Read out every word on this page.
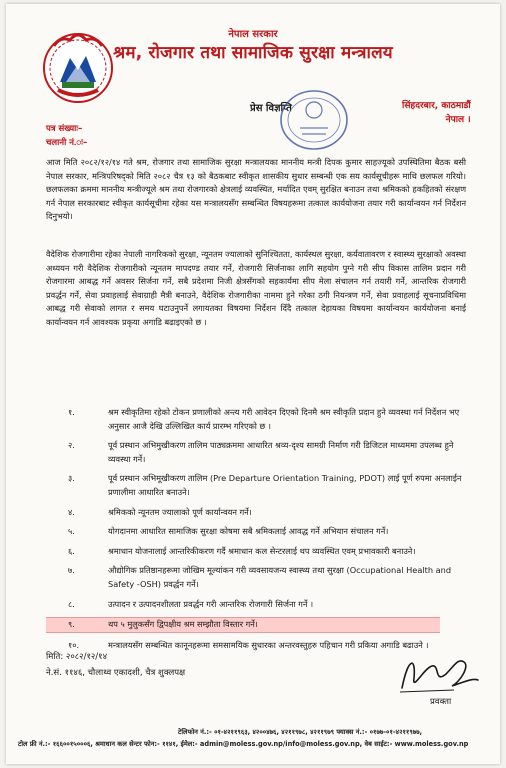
नेपाल सरकार
श्रम, रोजगार तथा सामाजिक सुरक्षा मन्त्रालय
प्रेस विज्ञप्ति	सिंहदरबार, काठमाडौं
नेपाल ।
पत्र संख्याः–
चलानी नं.ः–
आज मिति २०८२/१२/१४ गते श्रम, रोजगार तथा सामाजिक सुरक्षा मन्त्रालयका माननीय मन्त्री दिपक कुमार साहज्यूको उपस्थितिमा बैठक बसी नेपाल सरकार, मन्त्रिपरिषद्को मिति २०८२ चैत्र १३ को बैठकबाट स्वीकृत शासकीय सुधार सम्बन्धी एक सय कार्यसूचीहरू माथि छलफल गरियो। छलफलका क्रममा माननीय मन्त्रीज्यूले श्रम तथा रोजगारको क्षेत्रलाई व्यवस्थित, मर्यादित एवम् सुरक्षित बनाउन तथा श्रमिकको हकहितको संरक्षण गर्न नेपाल सरकारबाट स्वीकृत कार्यसूचीमा रहेका यस मन्त्रालयसँग सम्बन्धित विषयहरूमा तत्काल कार्ययोजना तयार गरी कार्यान्वयन गर्न निर्देशन दिनुभयो।
वैदेशिक रोजगारीमा रहेका नेपाली नागरिकको सुरक्षा, न्यूनतम ज्यालाको सुनिश्चितता, कार्यस्थल सुरक्षा, कर्यवातावरण र स्वास्थ्य सुरक्षाको अवस्था अध्ययन गरी वैदेशिक रोजगारीको न्यूनतम मापदण्ड तयार गर्ने, रोजगारी सिर्जनाका लागि सहयोग पुग्ने गरी सीप विकास तालिम प्रदान गरी रोजगारमा आबद्ध गर्ने अवसर सिर्जना गर्ने, सबै प्रदेशमा निजी क्षेत्रसँगको सहकार्यमा सीप मेला संचालन गर्न तयारी गर्ने, आन्तरिक रोजगारी प्रवर्द्धन गर्ने, सेवा प्रवाहलाई सेवाग्राही मैत्री बनाउने, वैदेशिक रोजगारीका नाममा हुने गरेका ठगी नियन्त्रण गर्ने, सेवा प्रवाहलाई सूचनाप्रविधिमा आबद्ध गरी सेवाको लागत र समय घटाउनुपर्ने लगायतका विषयमा निर्देशन दिँदै तत्काल देहायका विषयमा कार्यान्वयन कार्ययोजना बनाई कार्यान्वयन गर्न आवश्यक प्रकृया अगाडि बढाइएको छ ।
१.	श्रम स्वीकृतिमा रहेको टोकन प्रणालीको अन्त्य गरी आवेदन दिएको दिनमै श्रम स्वीकृति प्रदान हुने व्यवस्था गर्न निर्देशन भए अनुसार आजै देखि उल्लिखित कार्य प्रारम्भ गरिएको छ ।
२.	पूर्व प्रस्थान अभिमुखीकरण तालिम पाठ्यक्रममा आधारित श्रव्य-दृश्य सामग्री निर्माण गरी डिजिटल माध्यममा उपलब्ध हुने व्यवस्था गर्ने।
३.	पूर्व प्रस्थान अभिमूखीकरण तालिम (Pre Departure Orientation Training, PDOT) लाई पूर्ण रुपमा अनलाईन प्रणालीमा आधारित बनाउने।
४.	श्रमिकको न्यूनतम ज्यालाको पूर्ण कार्यान्वयन गर्ने।
५.	योगदानमा आधारित सामाजिक सुरक्षा कोषमा सबै श्रमिकलाई आवद्ध गर्ने अभियान संचालन गर्ने।
६.	श्रमाधान योजनालाई आन्तरिकीकरण गर्दै श्रमाधान कल सेन्टरलाई थप व्यवस्थित एवम् प्रभावकारी बनाउने।
७.	औद्योगिक प्रतिष्ठानहरूमा जोखिम मूल्यांकन गरी व्यवसायजन्य स्वास्थ्य तथा सुरक्षा (Occupational Health and Safety -OSH) प्रवर्द्धन गर्ने।
८.	उत्पादन र उत्पादनशीलता प्रवर्द्धन गरी आन्तरिक रोजगारी सिर्जना गर्ने ।
९.	थप ५ मुलुकसँग द्विपक्षीय श्रम सम्झौता विस्तार गर्ने।
१०.	मन्त्रालयसँग सम्बन्धित कानूनहरूमा समसामयिक सुधारका अन्तरवस्तुहरु पहिचान गरी प्रकिया अगाडि बढाउने ।
मिति: २०८२/१२/१४
ने.सं. ११४६, चौलाथ्व एकादशी, चैत्र शुक्लपक्ष
प्रवक्ता
टेलिफोन नं.:- ०१-४२११९६३, ४२००४७६, ४२११९७८, ४२११९७९ फ्याक्स नं.:- ०१७७-०१-४२११९७७,
टोल फ्री नं.:- १६६००१५०००६, श्रमाधान कल सेन्टर फोन:- ११४१, ईमेल:- admin@moless.gov.np/info@moless.gov.np, वेब साईट:- www.moless.gov.np
